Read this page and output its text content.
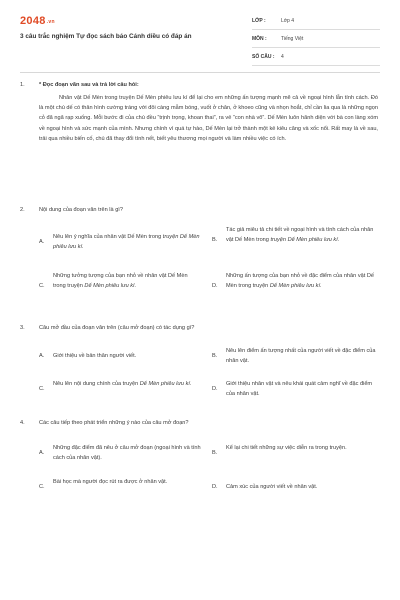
2048.vn
3 câu trắc nghiệm Tự đọc sách báo Cánh diều có đáp án
LỚP :	Lớp 4
MÔN :	Tiếng Việt
SỐ CÂU :	4
1.	* Đọc đoạn văn sau và trả lời câu hỏi:
Nhân vật Dế Mèn trong truyện Dế Mèn phiêu lưu kí để lại cho em những ấn tượng mạnh mẽ cả về ngoại hình lẫn tính cách. Đó là một chú dế có thân hình cường tráng với đôi càng mẫm bóng, vuốt ở chân, ở khoeo cũng và nhọn hoắt, chỉ cần lia qua là những ngọn cỏ đã ngã rạp xuống. Mỗi bước đi của chú đều “trịnh trọng, khoan thai”, ra vẻ “con nhà võ”. Dế Mèn luôn hãnh diện với bà con làng xóm về ngoại hình và sức mạnh của mình. Nhưng chính vì quá tự hào, Dế Mèn lại trở thành một kẻ kiêu căng và xốc nổi. Rất may là về sau, trải qua nhiều biến cố, chú đã thay đổi tính nết, biết yêu thương mọi người và làm nhiều việc có ích.
2.	Nội dung của đoạn văn trên là gì?
A.
Nêu lên ý nghĩa của nhân vật Dế Mèn trong truyện Dế Mèn phiêu lưu kí.
B.
Tác giả miêu tả chi tiết về ngoại hình và tính cách của nhân vật Dế Mèn trong truyện Dế Mèn phiêu lưu kí.
C.
Những tưởng tượng của bạn nhỏ về nhân vật Dế Mèn trong truyện Dế Mèn phiêu lưu kí.	D.
Những ấn tượng của bạn nhỏ về đặc điểm của nhân vật Dế Mèn trong truyện Dế Mèn phiêu lưu kí.
3.	Câu mở đầu của đoạn văn trên (câu mở đoạn) có tác dụng gì?
A.	Giới thiệu về bản thân người viết.	B.
Nêu lên điểm ấn tượng nhất của người viết về đặc điểm của nhân vật.
C.
Nêu lên nội dung chính của truyện Dế Mèn phiêu lưu kí.
D.
Giới thiệu nhân vật và nêu khái quát cảm nghĩ về đặc điểm của nhân vật.
4.	Các câu tiếp theo phát triển những ý nào của câu mở đoạn?
A.
Những đặc điểm đã nêu ở câu mở đoạn (ngoại hình và tính cách của nhân vật).
B.
Kể lại chi tiết những sự việc diễn ra trong truyện.
C.
Bài học mà người đọc rút ra được ở nhân vật.
D.	Cảm xúc của người viết về nhân vật.
